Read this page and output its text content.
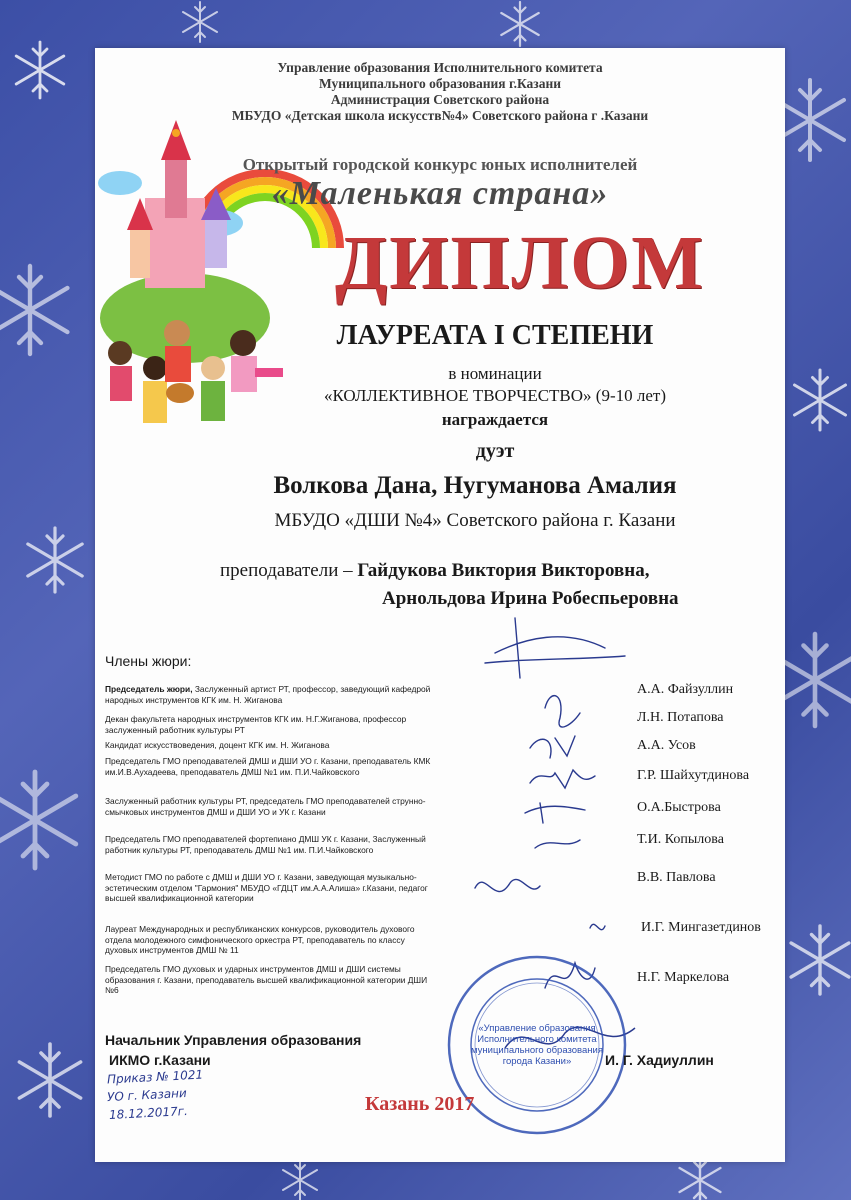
Управление образования Исполнительного комитета
Муниципального образования г.Казани
Администрация Советского района
МБУДО «Детская школа искусств№4» Советского района г .Казани
Открытый городской конкурс юных исполнителей
«Маленькая страна»
ДИПЛОМ
ЛАУРЕАТА I СТЕПЕНИ
в номинации
«КОЛЛЕКТИВНОЕ ТВОРЧЕСТВО» (9-10 лет)
награждается
дуэт
Волкова Дана, Нугуманова Амалия
МБУДО «ДШИ №4» Советского района г. Казани
преподаватели – Гайдукова Виктория Викторовна,
Арнольдова Ирина Робеспьеровна
Члены жюри:
Председатель жюри, Заслуженный артист РТ, профессор, заведующий кафедрой народных инструментов КГК им. Н. Жиганова
Декан факультета народных инструментов КГК им. Н.Г.Жиганова, профессор заслуженный работник культуры РТ
Кандидат искусствоведения, доцент КГК им. Н. Жиганова
Председатель ГМО преподавателей ДМШ и ДШИ УО г. Казани, преподаватель КМК им.И.В.Аухадеева, преподаватель ДМШ №1 им. П.И.Чайковского
Заслуженный работник культуры РТ, председатель ГМО преподавателей струнно-смычковых инструментов ДМШ и ДШИ УО и УК г. Казани
Председатель ГМО преподавателей фортепиано ДМШ УК г. Казани, Заслуженный работник культуры РТ, преподаватель ДМШ №1 им. П.И.Чайковского
Методист ГМО по работе с ДМШ и ДШИ УО г. Казани, заведующая музыкально-эстетическим отделом "Гармония" МБУДО «ГДЦТ им.А.А.Алиша» г.Казани, педагог высшей квалификационной категории
Лауреат Международных и республиканских конкурсов, руководитель духового отдела молодежного симфонического оркестра РТ, преподаватель по классу духовых инструментов ДМШ № 11
Председатель ГМО духовых и ударных инструментов ДМШ и ДШИ системы образования г. Казани, преподаватель высшей квалификационной категории ДШИ №6
А.А. Файзуллин
Л.Н. Потапова
А.А. Усов
Г.Р. Шайхутдинова
О.А.Быстрова
Т.И. Копылова
В.В. Павлова
И.Г. Мингазетдинов
Н.Г. Маркелова
«Управление образования Исполнительного комитета муниципального образования города Казани»
Начальник Управления образования
ИКМО г.Казани	И. Г. Хадиуллин
Приказ № 1021
УО г. Казани
18.12.2017г.	Казань 2017
